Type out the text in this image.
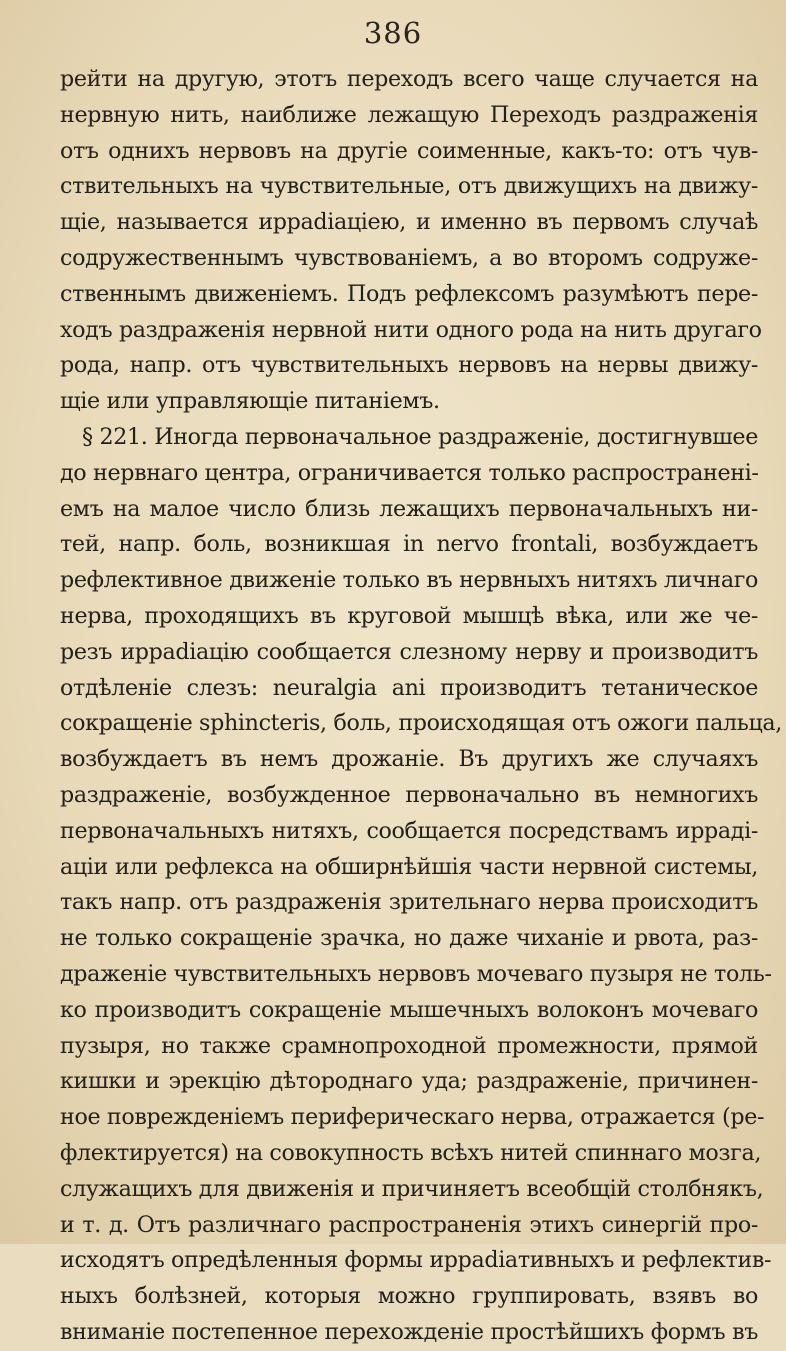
386
рейти на другую, этотъ переходъ всего чаще случается на
нервную нить, наиближе лежащую Переходъ раздраженія
отъ однихъ нервовъ на другіе соименные, какъ-то: отъ чув-
ствительныхъ на чувствительные, отъ движущихъ на движу-
щіе, называется ирраdiаціею, и именно въ первомъ случаѣ
содружественнымъ чувствованіемъ, а во второмъ содруже-
ственнымъ движеніемъ. Подъ рефлексомъ разумѣютъ пере-
ходъ раздраженія нервной нити одного рода на нить другаго
рода, напр. отъ чувствительныхъ нервовъ на нервы движу-
щіе или управляющіе питаніемъ.
§ 221. Иногда первоначальное раздраженіе, достигнувшее
до нервнаго центра, ограничивается только распространені-
емъ на малое число близь лежащихъ первоначальныхъ ни-
тей, напр. боль, возникшая in nervo frontali, возбуждаетъ
рефлективное движеніе только въ нервныхъ нитяхъ личнаго
нерва, проходящихъ въ круговой мышцѣ вѣка, или же че-
резъ ирраdiацію сообщается слезному нерву и производитъ
отдѣленіе слезъ: neuralgia ani производитъ тетаническое
сокращеніе sphincteris, боль, происходящая отъ ожоги пальца,
возбуждаетъ въ немъ дрожаніе. Въ другихъ же случаяхъ
раздраженіе, возбужденное первоначально въ немногихъ
первоначальныхъ нитяхъ, сообщается посредствамъ ирраді-
аціи или рефлекса на обширнѣйшія части нервной системы,
такъ напр. отъ раздраженія зрительнаго нерва происходитъ
не только сокращеніе зрачка, но даже чиханіе и рвота, раз-
драженіе чувствительныхъ нервовъ мочеваго пузыря не толь-
ко производитъ сокращеніе мышечныхъ волоконъ мочеваго
пузыря, но также срамнопроходной промежности, прямой
кишки и эрекцію дѣтороднаго уда; раздраженіе, причинен-
ное повреждeніемъ периферическаго нерва, отражается (ре-
флектируется) на совокупность всѣхъ нитей спиннаго мозга,
служащихъ для движенія и причиняетъ всеобщій столбнякъ,
и т. д. Отъ различнаго распространенія этихъ синергій про-
исходятъ опредѣленныя формы ирраdiативныхъ и рефлектив-
ныхъ болѣзней, которыя можно группировать, взявъ во
вниманіе постепенное перехожденіе простѣйшихъ формъ въ
